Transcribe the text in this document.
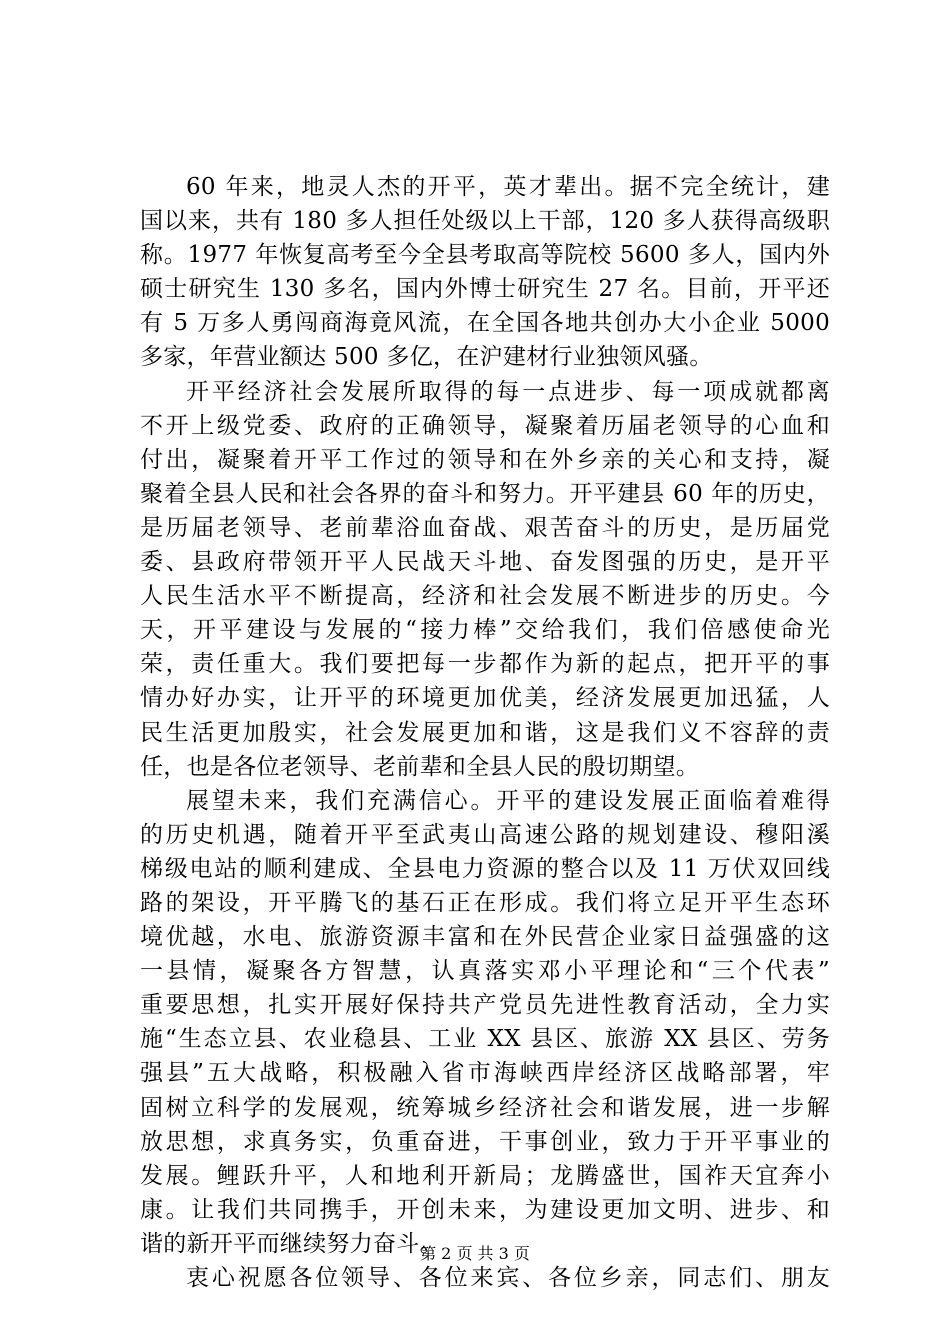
60 年来，地灵人杰的开平，英才辈出。据不完全统计，建
国以来，共有 180 多人担任处级以上干部，120 多人获得高级职
称。1977 年恢复高考至今全县考取高等院校 5600 多人，国内外
硕士研究生 130 多名，国内外博士研究生 27 名。目前，开平还
有 5 万多人勇闯商海竟风流，在全国各地共创办大小企业 5000
多家，年营业额达 500 多亿，在沪建材行业独领风骚。
开平经济社会发展所取得的每一点进步、每一项成就都离
不开上级党委、政府的正确领导，凝聚着历届老领导的心血和
付出，凝聚着开平工作过的领导和在外乡亲的关心和支持，凝
聚着全县人民和社会各界的奋斗和努力。开平建县 60 年的历史，
是历届老领导、老前辈浴血奋战、艰苦奋斗的历史，是历届党
委、县政府带领开平人民战天斗地、奋发图强的历史，是开平
人民生活水平不断提高，经济和社会发展不断进步的历史。今
天，开平建设与发展的“接力棒”交给我们，我们倍感使命光
荣，责任重大。我们要把每一步都作为新的起点，把开平的事
情办好办实，让开平的环境更加优美，经济发展更加迅猛，人
民生活更加殷实，社会发展更加和谐，这是我们义不容辞的责
任，也是各位老领导、老前辈和全县人民的殷切期望。
展望未来，我们充满信心。开平的建设发展正面临着难得
的历史机遇，随着开平至武夷山高速公路的规划建设、穆阳溪
梯级电站的顺利建成、全县电力资源的整合以及 11 万伏双回线
路的架设，开平腾飞的基石正在形成。我们将立足开平生态环
境优越，水电、旅游资源丰富和在外民营企业家日益强盛的这
一县情，凝聚各方智慧，认真落实邓小平理论和“三个代表”
重要思想，扎实开展好保持共产党员先进性教育活动，全力实
施“生态立县、农业稳县、工业 XX 县区、旅游 XX 县区、劳务
强县”五大战略，积极融入省市海峡西岸经济区战略部署，牢
固树立科学的发展观，统筹城乡经济社会和谐发展，进一步解
放思想，求真务实，负重奋进，干事创业，致力于开平事业的
发展。鲤跃升平，人和地利开新局；龙腾盛世，国祚天宜奔小
康。让我们共同携手，开创未来，为建设更加文明、进步、和
谐的新开平而继续努力奋斗。
衷心祝愿各位领导、各位来宾、各位乡亲，同志们、朋友
第 2 页 共 3 页
